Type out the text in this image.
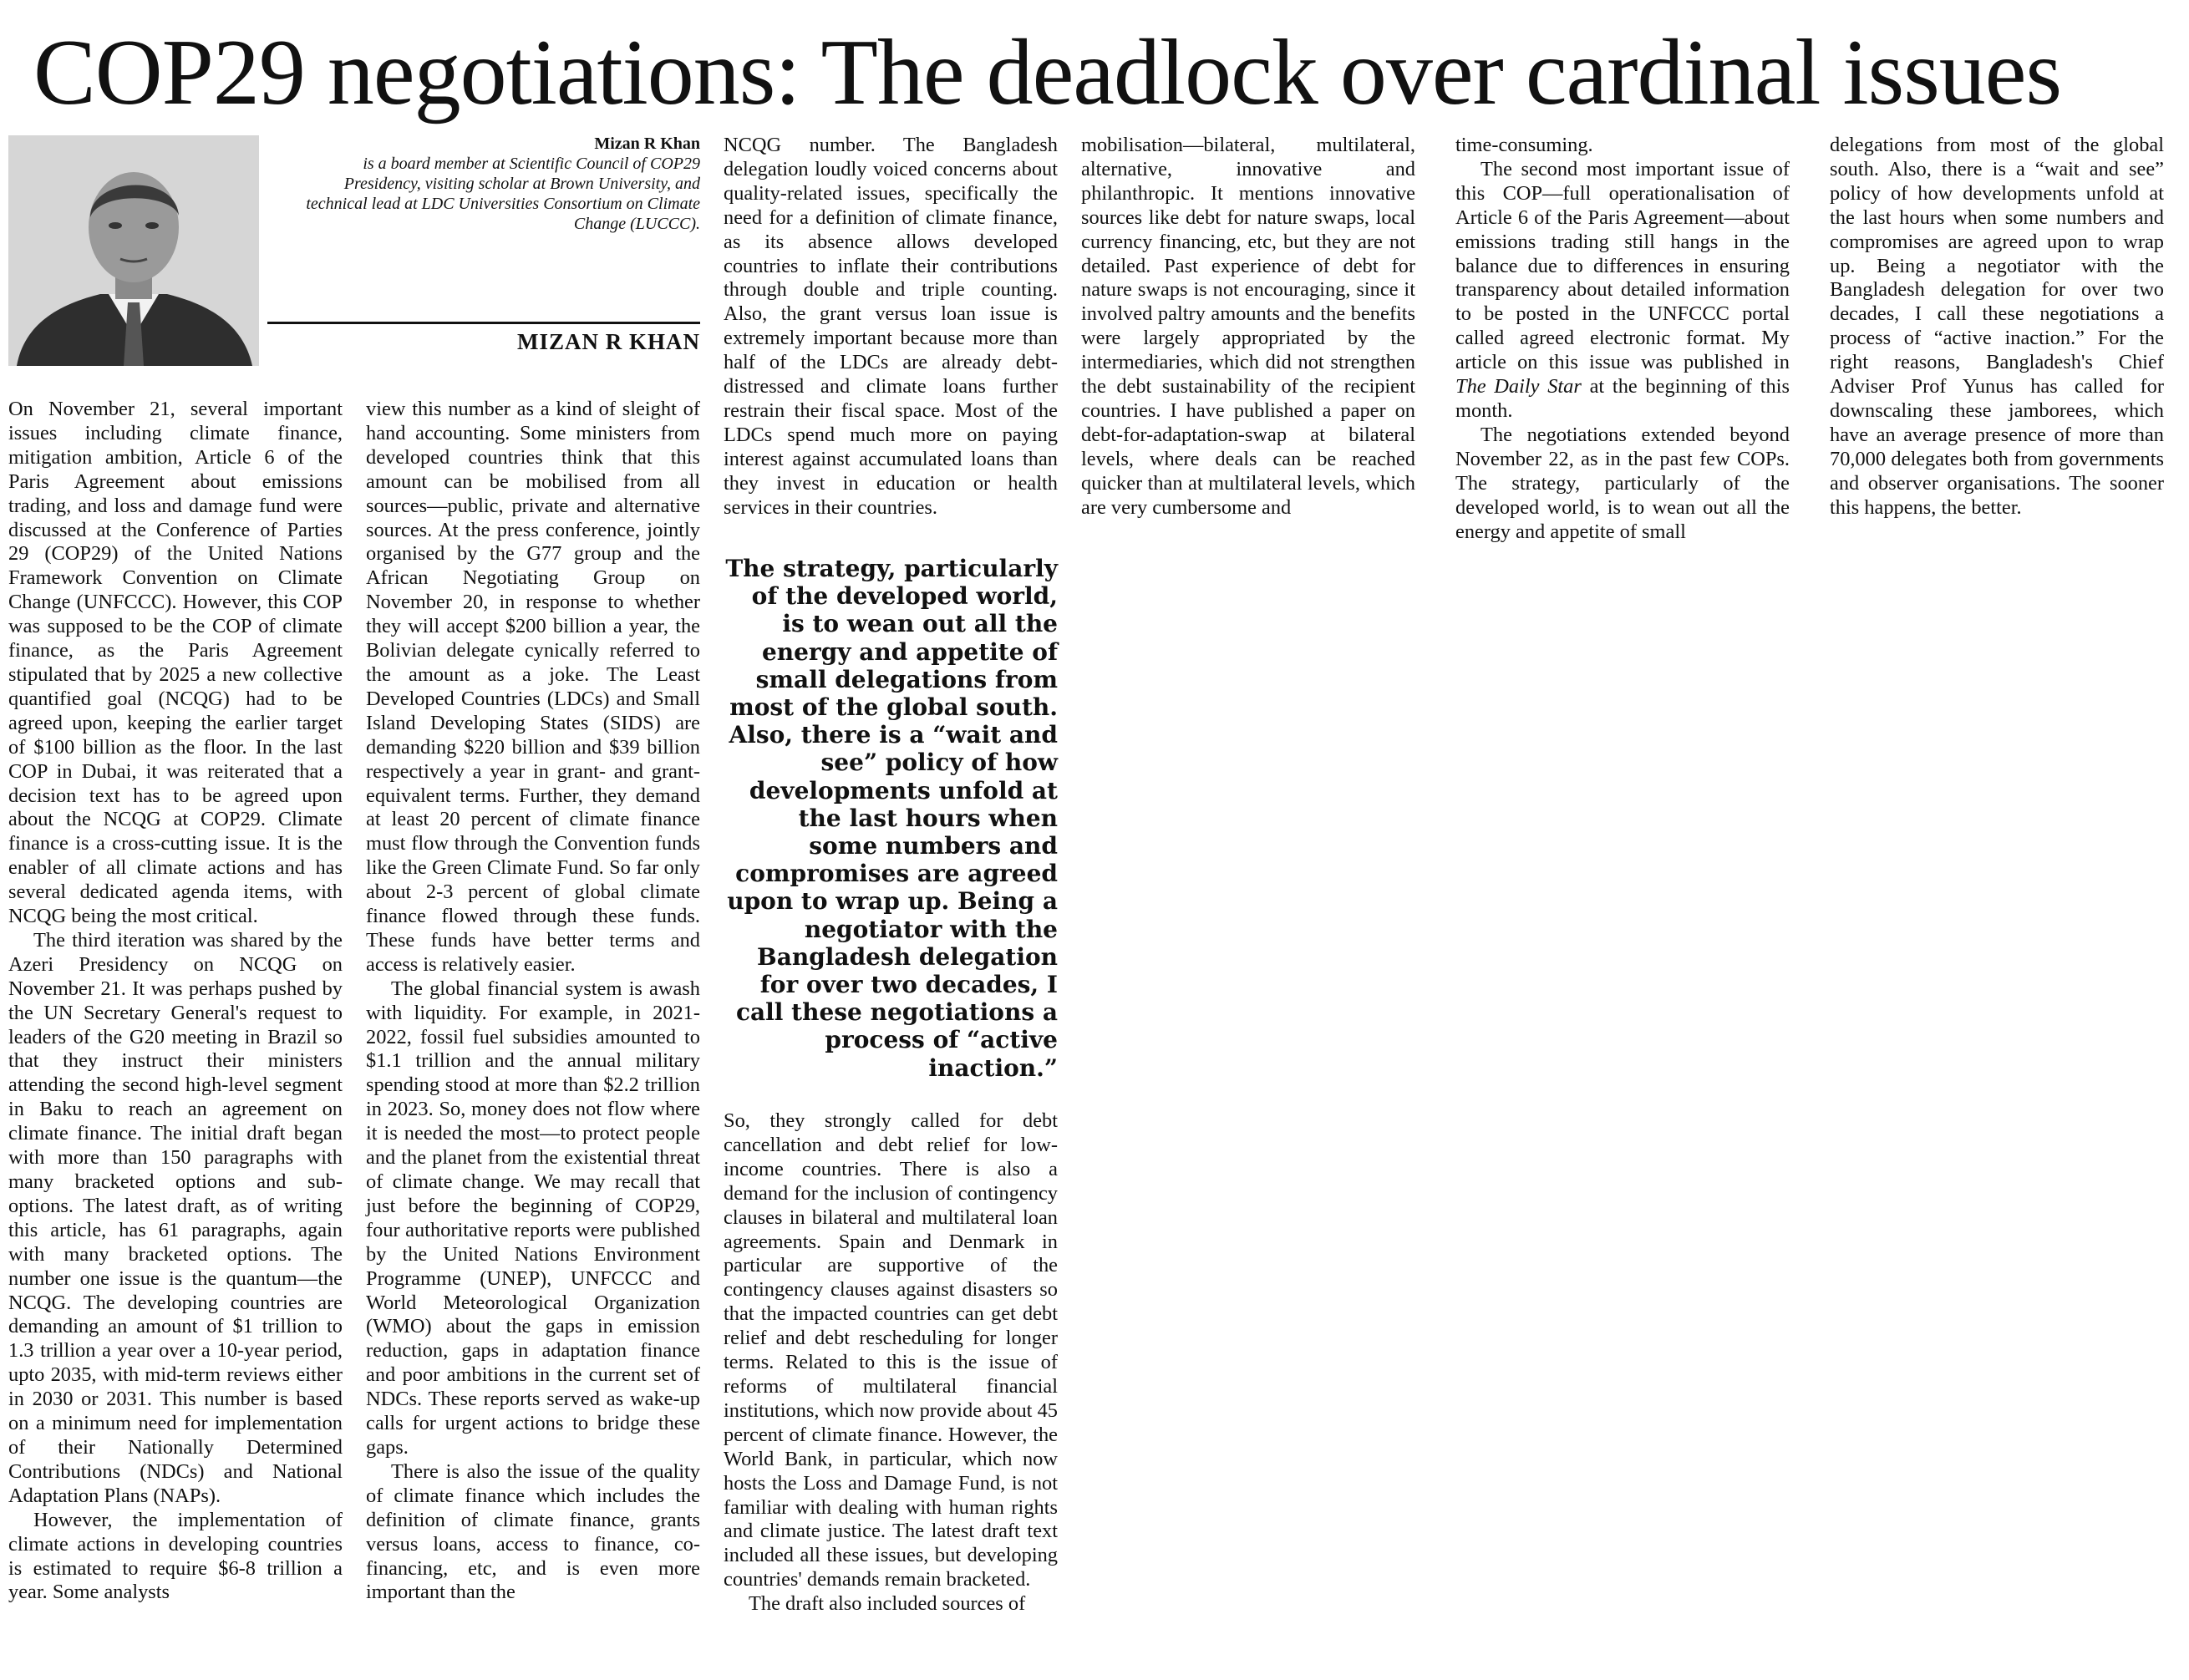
COP29 negotiations: The deadlock over cardinal issues
Mizan R Khan
is a board member at Scientific Council of COP29 Presidency, visiting scholar at Brown University, and technical lead at LDC Universities Consortium on Climate Change (LUCCC).
MIZAN R KHAN

On November 21, several important issues including climate finance, mitigation ambition, Article 6 of the Paris Agreement about emissions trading, and loss and damage fund were discussed at the Conference of Parties 29 (COP29) of the United Nations Framework Convention on Climate Change (UNFCCC). However, this COP was supposed to be the COP of climate finance, as the Paris Agreement stipulated that by 2025 a new collective quantified goal (NCQG) had to be agreed upon, keeping the earlier target of $100 billion as the floor. In the last COP in Dubai, it was reiterated that a decision text has to be agreed upon about the NCQG at COP29. Climate finance is a cross-cutting issue. It is the enabler of all climate actions and has several dedicated agenda items, with NCQG being the most critical.

The third iteration was shared by the Azeri Presidency on NCQG on November 21. It was perhaps pushed by the UN Secretary General's request to leaders of the G20 meeting in Brazil so that they instruct their ministers attending the second high-level segment in Baku to reach an agreement on climate finance. The initial draft began with more than 150 paragraphs with many bracketed options and sub-options. The latest draft, as of writing this article, has 61 paragraphs, again with many bracketed options. The number one issue is the quantum—the NCQG. The developing countries are demanding an amount of $1 trillion to 1.3 trillion a year over a 10-year period, upto 2035, with mid-term reviews either in 2030 or 2031. This number is based on a minimum need for implementation of their Nationally Determined Contributions (NDCs) and National Adaptation Plans (NAPs).

However, the implementation of climate actions in developing countries is estimated to require $6-8 trillion a year. Some analysts

view this number as a kind of sleight of hand accounting. Some ministers from developed countries think that this amount can be mobilised from all sources—public, private and alternative sources. At the press conference, jointly organised by the G77 group and the African Negotiating Group on November 20, in response to whether they will accept $200 billion a year, the Bolivian delegate cynically referred to the amount as a joke. The Least Developed Countries (LDCs) and Small Island Developing States (SIDS) are demanding $220 billion and $39 billion respectively a year in grant- and grant-equivalent terms. Further, they demand at least 20 percent of climate finance must flow through the Convention funds like the Green Climate Fund. So far only about 2-3 percent of global climate finance flowed through these funds. These funds have better terms and access is relatively easier.

The global financial system is awash with liquidity. For example, in 2021-2022, fossil fuel subsidies amounted to $1.1 trillion and the annual military spending stood at more than $2.2 trillion in 2023. So, money does not flow where it is needed the most—to protect people and the planet from the existential threat of climate change. We may recall that just before the beginning of COP29, four authoritative reports were published by the United Nations Environment Programme (UNEP), UNFCCC and World Meteorological Organization (WMO) about the gaps in emission reduction, gaps in adaptation finance and poor ambitions in the current set of NDCs. These reports served as wake-up calls for urgent actions to bridge these gaps.

There is also the issue of the quality of climate finance which includes the definition of climate finance, grants versus loans, access to finance, co-financing, etc, and is even more important than the

NCQG number. The Bangladesh delegation loudly voiced concerns about quality-related issues, specifically the need for a definition of climate finance, as its absence allows developed countries to inflate their contributions through double and triple counting. Also, the grant versus loan issue is extremely important because more than half of the LDCs are already debt-distressed and climate loans further restrain their fiscal space. Most of the LDCs spend much more on paying interest against accumulated loans than they invest in education or health services in their countries.

The strategy, particularly of the developed world, is to wean out all the energy and appetite of small delegations from most of the global south. Also, there is a “wait and see” policy of how developments unfold at the last hours when some numbers and compromises are agreed upon to wrap up. Being a negotiator with the Bangladesh delegation for over two decades, I call these negotiations a process of “active inaction.”

So, they strongly called for debt cancellation and debt relief for low-income countries. There is also a demand for the inclusion of contingency clauses in bilateral and multilateral loan agreements. Spain and Denmark in particular are supportive of the contingency clauses against disasters so that the impacted countries can get debt relief and debt rescheduling for longer terms. Related to this is the issue of reforms of multilateral financial institutions, which now provide about 45 percent of climate finance. However, the World Bank, in particular, which now hosts the Loss and Damage Fund, is not familiar with dealing with human rights and climate justice. The latest draft text included all these issues, but developing countries' demands remain bracketed.

The draft also included sources of

mobilisation—bilateral, multilateral, alternative, innovative and philanthropic. It mentions innovative sources like debt for nature swaps, local currency financing, etc, but they are not detailed. Past experience of debt for nature swaps is not encouraging, since it involved paltry amounts and the benefits were largely appropriated by the intermediaries, which did not strengthen the debt sustainability of the recipient countries. I have published a paper on debt-for-adaptation-swap at bilateral levels, where deals can be reached quicker than at multilateral levels, which are very cumbersome and

time-consuming.

The second most important issue of this COP—full operationalisation of Article 6 of the Paris Agreement—about emissions trading still hangs in the balance due to differences in ensuring transparency about detailed information to be posted in the UNFCCC portal called agreed electronic format. My article on this issue was published in The Daily Star at the beginning of this month.

The negotiations extended beyond November 22, as in the past few COPs. The strategy, particularly of the developed world, is to wean out all the energy and appetite of small

delegations from most of the global south. Also, there is a “wait and see” policy of how developments unfold at the last hours when some numbers and compromises are agreed upon to wrap up. Being a negotiator with the Bangladesh delegation for over two decades, I call these negotiations a process of “active inaction.” For the right reasons, Bangladesh's Chief Adviser Prof Yunus has called for downscaling these jamborees, which have an average presence of more than 70,000 delegates both from governments and observer organisations. The sooner this happens, the better.
